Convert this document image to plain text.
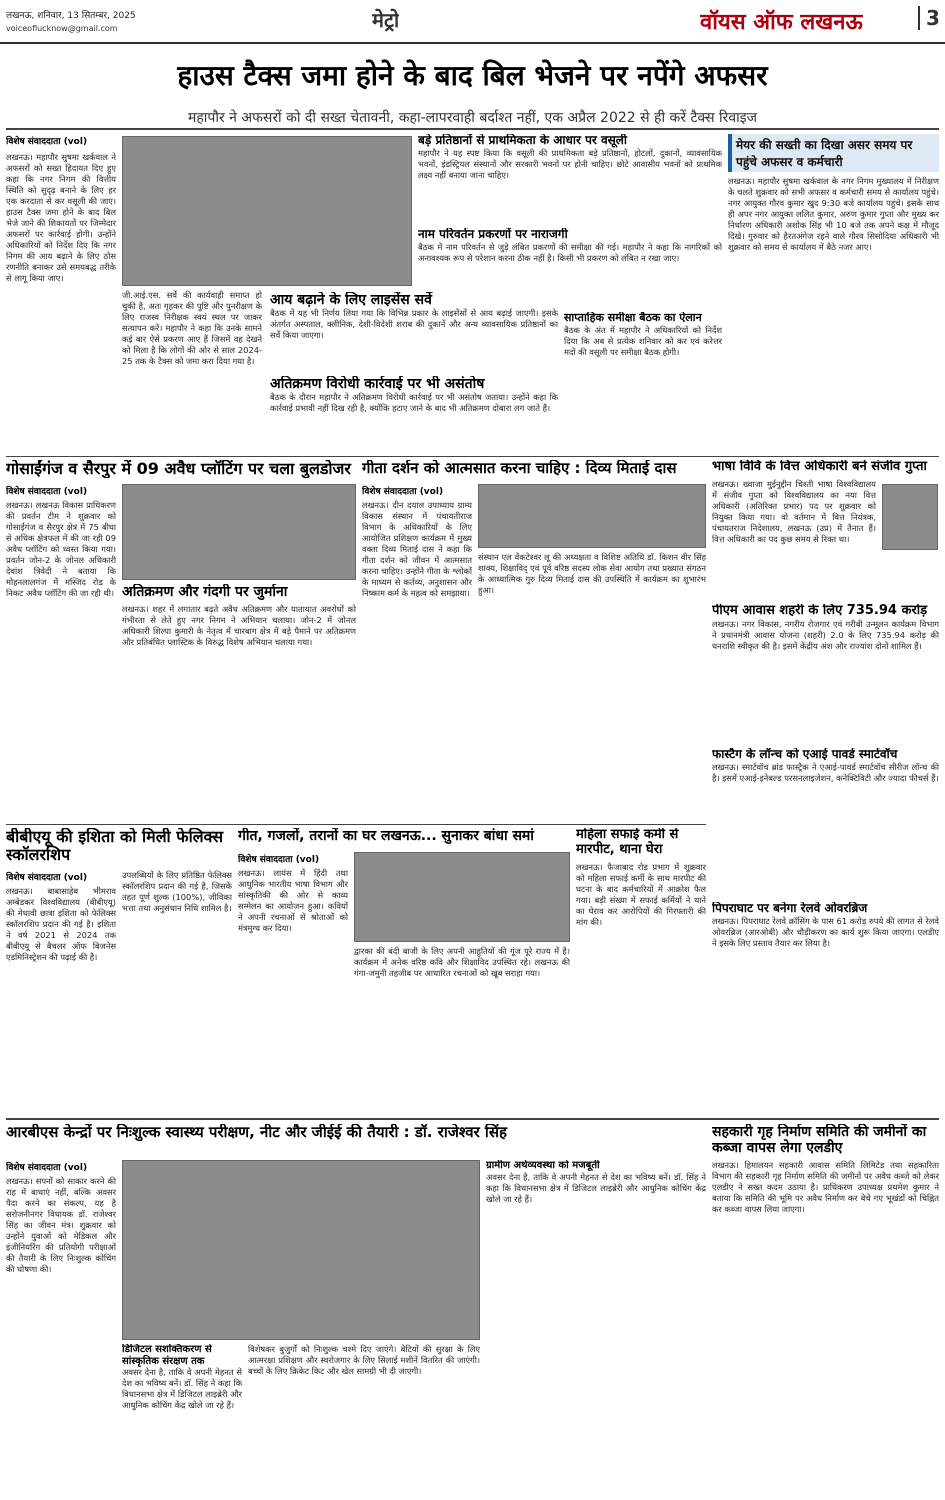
लखनऊ, शनिवार, 13 सितम्बर, 2025
voiceoflucknow@gmail.com	मेट्रो	वॉयस ऑफ लखनऊ	3
हाउस टैक्स जमा होने के बाद बिल भेजने पर नपेंगे अफसर
महापौर ने अफसरों को दी सख्त चेतावनी, कहा-लापरवाही बर्दाश्त नहीं, एक अप्रैल 2022 से ही करें टैक्स रिवाइज
विशेष संवाददाता (vol)
लखनऊ। महापौर सुषमा खर्कवाल ने अफसरों को सख्त हिदायत दिए हुए कहा कि नगर निगम की वित्तीय स्थिति को सुदृढ़ बनाने के लिए हर एक करदाता से कर वसूली की जाए। हाउस टैक्स जमा होने के बाद बिल भेजे जाने की शिकायतों पर जिम्मेदार अफसरों पर कार्रवाई होगी। उन्होंने अधिकारियों को निर्देश दिए कि नगर निगम की आय बढ़ाने के लिए ठोस रणनीति बनाकर उसे समयबद्ध तरीके से लागू किया जाए।
जी.आई.एस. सर्वे की कार्यवाही समाप्त हो चुकी है, अतः गृहकर की पुष्टि और पुनरीक्षण के लिए राजस्व निरीक्षक स्वयं स्थल पर जाकर सत्यापन करें। महापौर ने कहा कि उनके सामने कई बार ऐसे प्रकरण आए हैं जिसमें वह देखने को मिला है कि लोगों की ओर से साल 2024-25 तक के टैक्स को जमा करा दिया गया है।
बड़े प्रतिष्ठानों से प्राथमिकता के आधार पर वसूली
महापौर ने यह स्पष्ट किया कि वसूली की प्राथमिकता बड़े प्रतिष्ठानों, होटलों, दुकानों, व्यावसायिक भवनों, इंडस्ट्रियल संस्थानों और सरकारी भवनों पर होनी चाहिए। छोटे आवासीय भवनों को प्राथमिक लक्ष्य नहीं बनाया जाना चाहिए।
नाम परिवर्तन प्रकरणों पर नाराजगी
बैठक में नाम परिवर्तन से जुड़े लंबित प्रकरणों की समीक्षा की गई। महापौर ने कहा कि नागरिकों को अनावश्यक रूप से परेशान करना ठीक नहीं है। किसी भी प्रकरण को लंबित न रखा जाए।
आय बढ़ाने के लिए लाइसेंस सर्वे
बैठक में यह भी निर्णय लिया गया कि विभिन्न प्रकार के लाइसेंसों से आय बढ़ाई जाएगी। इसके अंतर्गत अस्पताल, क्लीनिक, देशी-विदेशी शराब की दुकानें और अन्य व्यावसायिक प्रतिष्ठानों का सर्वे किया जाएगा।
अतिक्रमण विरोधी कार्रवाई पर भी असंतोष
बैठक के दौरान महापौर ने अतिक्रमण विरोधी कार्रवाई पर भी असंतोष जताया। उन्होंने कहा कि कार्रवाई प्रभावी नहीं दिख रही है, क्योंकि हटाए जाने के बाद भी अतिक्रमण दोबारा लग जाते हैं।
साप्ताहिक समीक्षा बैठक का ऐलान
बैठक के अंत में महापौर ने अधिकारियों को निर्देश दिया कि अब से प्रत्येक शनिवार को कर एवं करेत्तर मदों की वसूली पर समीक्षा बैठक होगी।
मेयर की सख्ती का दिखा असर समय पर पहुंचे अफसर व कर्मचारी
लखनऊ। महापौर सुषमा खर्कवाल के नगर निगम मुख्यालय में निरीक्षण के चलते शुक्रवार को सभी अफसर व कर्मचारी समय से कार्यालय पहुंचे। नगर आयुक्त गौरव कुमार खुद 9:30 बजे कार्यालय पहुंचे। इसके साथ ही अपर नगर आयुक्त ललित कुमार, अरुण कुमार गुप्ता और मुख्य कर निर्धारण अधिकारी अशोक सिंह भी 10 बजे तक अपने कक्ष में मौजूद दिखे। गुरुवार को हैरतअंगेज रहने वाले गौरव सिसोदिया अधिकारी भी शुक्रवार को समय से कार्यालय में बैठे नजर आए।
गोसाईंगंज व सैरपुर में 09 अवैध प्लॉटिंग पर चला बुलडोजर
विशेष संवाददाता (vol)
लखनऊ। लखनऊ विकास प्राधिकरण की प्रवर्तन टीम ने शुक्रवार को गोसाईंगंज व सैरपुर क्षेत्र में 75 बीघा से अधिक क्षेत्रफल में की जा रही 09 अवैध प्लॉटिंग को ध्वस्त किया गया। प्रवर्तन जोन-2 के जोनल अधिकारी देवांश त्रिवेदी ने बताया कि मोहनलालगंज में मस्जिद रोड के निकट अवैध प्लॉटिंग की जा रही थी। अतिक्रमण और गंदगी पर जुर्माना
लखनऊ। शहर में लगातार बढ़ते अवैध अतिक्रमण और यातायात अवरोधों को गंभीरता से लेते हुए नगर निगम ने अभियान चलाया। जोन-2 में जोनल अधिकारी शिल्पा कुमारी के नेतृत्व में चारबाग क्षेत्र में बड़े पैमाने पर अतिक्रमण और प्रतिबंधित प्लास्टिक के विरुद्ध विशेष अभियान चलाया गया।
गीता दर्शन को आत्मसात करना चाहिए : दिव्य मिताई दास
विशेष संवाददाता (vol)
लखनऊ। दीन दयाल उपाध्याय ग्राम्य विकास संस्थान में पंचायतीराज विभाग के अधिकारियों के लिए आयोजित प्रशिक्षण कार्यक्रम में मुख्य वक्ता दिव्य मिताई दास ने कहा कि गीता दर्शन को जीवन में आत्मसात करना चाहिए। उन्होंने गीता के श्लोकों के माध्यम से कर्तव्य, अनुशासन और निष्काम कर्म के महत्व को समझाया।
संस्थान एल वेंकटेश्वर लू की अध्यक्षता व विशिष्ट अतिथि डॉ. किशन वीर सिंह शाक्य, शिक्षाविद् एवं पूर्व वरिष्ठ सदस्य लोक सेवा आयोग तथा प्रख्यात संगठन के आध्यात्मिक गुरु दिव्य मिताई दास की उपस्थिति में कार्यक्रम का शुभारंभ हुआ।
भाषा विवि के वित्त अधिकारी बने संजीव गुप्ता
लखनऊ। ख्वाजा मुईनुद्दीन चिश्ती भाषा विश्वविद्यालय में संजीव गुप्ता को विश्वविद्यालय का नया वित्त अधिकारी (अतिरिक्त प्रभार) पद पर शुक्रवार को नियुक्त किया गया। वो वर्तमान में वित्त नियंत्रक, पंचायतराज निदेशालय, लखनऊ (उप्र) में तैनात हैं। वित्त अधिकारी का पद कुछ समय से रिक्त था।
पीएम आवास शहरी के लिए 735.94 करोड़
लखनऊ। नगर विकास, नगरीय रोजगार एवं गरीबी उन्मूलन कार्यक्रम विभाग ने प्रधानमंत्री आवास योजना (शहरी) 2.0 के लिए 735.94 करोड़ की धनराशि स्वीकृत की है। इसमें केंद्रीय अंश और राज्यांश दोनों शामिल हैं।
फास्टैग के लॉन्च को एआई पावर्ड स्मार्टवॉच
लखनऊ। स्मार्टवॉच ब्रांड फास्ट्रैक ने एआई-पावर्ड स्मार्टवॉच सीरीज लॉन्च की है। इसमें एआई-इनेबल्ड परसनलाइजेशन, कनेक्टिविटी और ज्यादा फीचर्स हैं।
पिपराघाट पर बनेगा रेलवे ओवरब्रिज
लखनऊ। पिपराघाट रेलवे क्रॉसिंग के पास 61 करोड़ रुपये की लागत से रेलवे ओवरब्रिज (आरओबी) और चौड़ीकरण का कार्य शुरू किया जाएगा। एलडीए ने इसके लिए प्रस्ताव तैयार कर लिया है।
बीबीएयू की इशिता को मिली फेलिक्स स्कॉलरशिप
विशेष संवाददाता (vol)
लखनऊ। बाबासाहेब भीमराव अम्बेडकर विश्वविद्यालय (बीबीएयू) की मेधावी छात्रा इशिता को फेलिक्स स्कॉलरशिप प्रदान की गई है। इशिता ने वर्ष 2021 से 2024 तक बीबीएयू से बैचलर ऑफ बिजनेस एडमिनिस्ट्रेशन की पढ़ाई की है।
उपलब्धियों के लिए प्रतिष्ठित फेलिक्स स्कॉलरशिप प्रदान की गई है, जिसके तहत पूर्ण शुल्क (100%), जीविका भत्ता तथा अनुसंधान निधि शामिल है।
गीत, गजलों, तरानों का घर लखनऊ... सुनाकर बांधा समां
विशेष संवाददाता (vol)
लखनऊ। लायंस में हिंदी तथा आधुनिक भारतीय भाषा विभाग और सांस्कृतिकी की ओर से काव्य सम्मेलन का आयोजन हुआ। कवियों ने अपनी रचनाओं से श्रोताओं को मंत्रमुग्ध कर दिया।
द्वारका की बंदी बाजी के लिए अपनी आहुतियों की गूंज पूरे राज्य में है। कार्यक्रम में अनेक वरिष्ठ कवि और शिक्षाविद उपस्थित रहे। लखनऊ की गंगा-जमुनी तहजीब पर आधारित रचनाओं को खूब सराहा गया।
महिला सफाई कर्मी से मारपीट, थाना घेरा
लखनऊ। फैजाबाद रोड प्रभाग में शुक्रवार को महिला सफाई कर्मी के साथ मारपीट की घटना के बाद कर्मचारियों में आक्रोश फैल गया। बड़ी संख्या में सफाई कर्मियों ने थाने का घेराव कर आरोपियों की गिरफ्तारी की मांग की।
आरबीएस केन्द्रों पर निःशुल्क स्वास्थ्य परीक्षण, नीट और जीईई की तैयारी : डॉ. राजेश्वर सिंह
विशेष संवाददाता (vol)
लखनऊ। सपनों को साकार करने की राह में बाधाएं नहीं, बल्कि अवसर पैदा करने का संकल्प, यह है सरोजनीनगर विधायक डॉ. राजेश्वर सिंह का जीवन मंत्र। शुक्रवार को उन्होंने युवाओं को मेडिकल और इंजीनियरिंग की प्रतियोगी परीक्षाओं की तैयारी के लिए निःशुल्क कोचिंग की घोषणा की।
डिजिटल सशक्तिकरण से सांस्कृतिक संरक्षण तक
अवसर देना है, ताकि वे अपनी मेहनत से देश का भविष्य बनें। डॉ. सिंह ने कहा कि विधानसभा क्षेत्र में डिजिटल लाइब्रेरी और आधुनिक कोचिंग केंद्र खोले जा रहे हैं।
विशेषकर बुजुर्गों को निःशुल्क चश्मे दिए जाएंगे। बेटियों की सुरक्षा के लिए आत्मरक्षा प्रशिक्षण और स्वरोजगार के लिए सिलाई मशीनें वितरित की जाएंगी। बच्चों के लिए क्रिकेट किट और खेल सामग्री भी दी जाएगी।
ग्रामीण अर्थव्यवस्था को मजबूती
अवसर देना है, ताकि वे अपनी मेहनत से देश का भविष्य बनें। डॉ. सिंह ने कहा कि विधानसभा क्षेत्र में डिजिटल लाइब्रेरी और आधुनिक कोचिंग केंद्र खोले जा रहे हैं।
सहकारी गृह निर्माण समिति की जमीनों का कब्जा वापस लेगा एलडीए
लखनऊ। हिमालयन सहकारी आवास समिति लिमिटेड तथा सहकारिता विभाग की सहकारी गृह निर्माण समिति की जमीनों पर अवैध कब्जे को लेकर एलडीए ने सख्त कदम उठाया है। प्राधिकरण उपाध्यक्ष प्रथमेश कुमार ने बताया कि समिति की भूमि पर अवैध निर्माण कर बेचे गए भूखंडों को चिह्नित कर कब्जा वापस लिया जाएगा।
